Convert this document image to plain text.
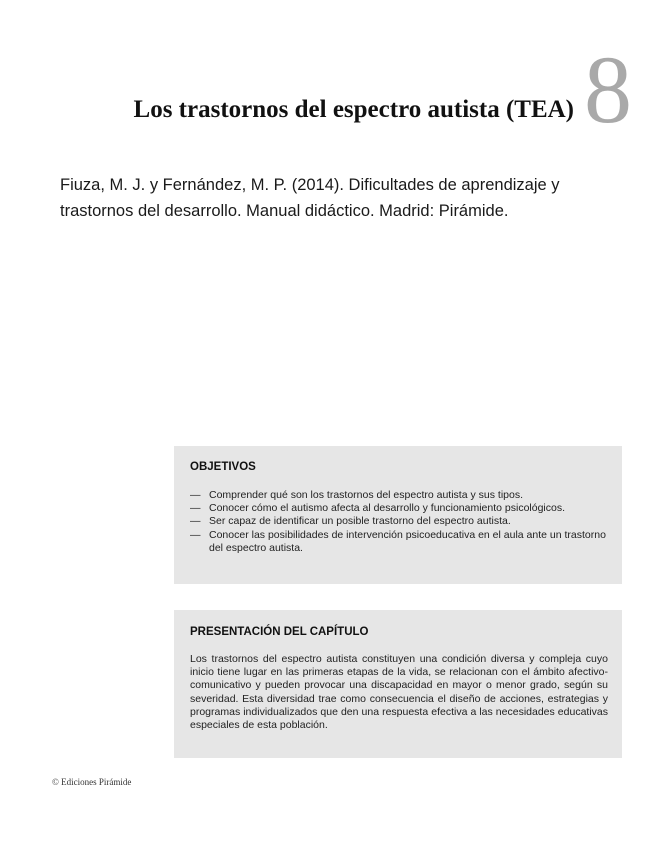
8
Los trastornos del espectro autista (TEA)

Fiuza, M. J. y Fernández, M. P. (2014). Dificultades de aprendizaje y
trastornos del desarrollo. Manual didáctico. Madrid: Pirámide.

OBJETIVOS
— Comprender qué son los trastornos del espectro autista y sus tipos.
— Conocer cómo el autismo afecta al desarrollo y funcionamiento psicológicos.
— Ser capaz de identificar un posible trastorno del espectro autista.
— Conocer las posibilidades de intervención psicoeducativa en el aula ante un trastorno del espectro autista.
PRESENTACIÓN DEL CAPÍTULO

Los trastornos del espectro autista constituyen una condición diversa y compleja cuyo inicio tiene lugar en las primeras etapas de la vida, se relacionan con el ámbito afectivo-comunicativo y pueden provocar una discapacidad en mayor o menor grado, según su severidad. Esta diversidad trae como consecuencia el diseño de acciones, estrategias y programas individualizados que den una respuesta efectiva a las necesidades educativas especiales de esta población.

© Ediciones Pirámide
